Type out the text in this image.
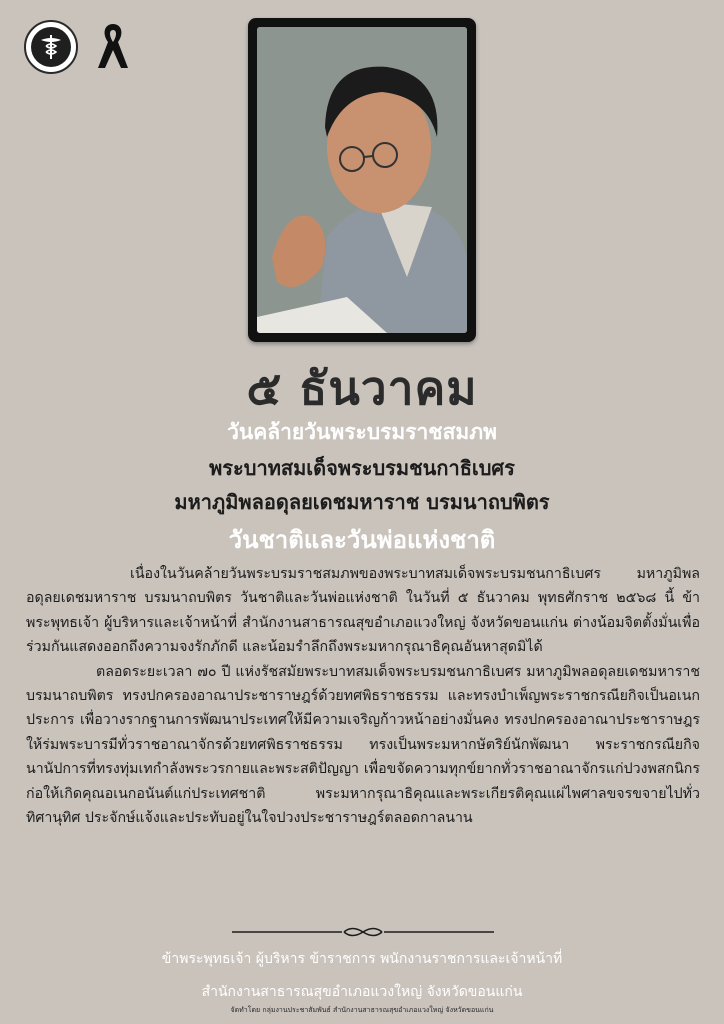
๕ ธันวาคม
วันคล้ายวันพระบรมราชสมภพ
พระบาทสมเด็จพระบรมชนกาธิเบศร
มหาภูมิพลอดุลยเดชมหาราช บรมนาถบพิตร
วันชาติและวันพ่อแห่งชาติ

เนื่องในวันคล้ายวันพระบรมราชสมภพของพระบาทสมเด็จพระบรมชนกาธิเบศร มหาภูมิพลอดุลยเดชมหาราช บรมนาถบพิตร วันชาติและวันพ่อแห่งชาติ ในวันที่ ๕ ธันวาคม พุทธศักราช ๒๕๖๘ นี้ ข้าพระพุทธเจ้า ผู้บริหารและเจ้าหน้าที่ สำนักงานสาธารณสุขอำเภอแวงใหญ่ จังหวัดขอนแก่น ต่างน้อมจิตตั้งมั่นเพื่อร่วมกันแสดงออกถึงความจงรักภักดี และน้อมรำลึกถึงพระมหากรุณาธิคุณอันหาสุดมิได้

ตลอดระยะเวลา ๗๐ ปี แห่งรัชสมัยพระบาทสมเด็จพระบรมชนกาธิเบศร มหาภูมิพลอดุลยเดชมหาราช บรมนาถบพิตร ทรงปกครองอาณาประชาราษฎร์ด้วยทศพิธราชธรรม และทรงบำเพ็ญพระราชกรณียกิจเป็นอเนกประการ เพื่อวางรากฐานการพัฒนาประเทศให้มีความเจริญก้าวหน้าอย่างมั่นคง ทรงปกครองอาณาประชาราษฎรให้ร่มพระบารมีทั่วราชอาณาจักรด้วยทศพิธราชธรรม ทรงเป็นพระมหากษัตริย์นักพัฒนา พระราชกรณียกิจนานัปการที่ทรงทุ่มเทกำลังพระวรกายและพระสติปัญญา เพื่อขจัดความทุกข์ยากทั่วราชอาณาจักรแก่ปวงพสกนิกร ก่อให้เกิดคุณอเนกอนันต์แก่ประเทศชาติ พระมหากรุณาธิคุณและพระเกียรติคุณแผ่ไพศาลขจรขจายไปทั่วทิศานุทิศ ประจักษ์แจ้งและประทับอยู่ในใจปวงประชาราษฎร์ตลอดกาลนาน

ข้าพระพุทธเจ้า ผู้บริหาร ข้าราชการ พนักงานราชการและเจ้าหน้าที่
สำนักงานสาธารณสุขอำเภอแวงใหญ่ จังหวัดขอนแก่น
จัดทำโดย กลุ่มงานประชาสัมพันธ์ สำนักงานสาธารณสุขอำเภอแวงใหญ่ จังหวัดขอนแก่น
